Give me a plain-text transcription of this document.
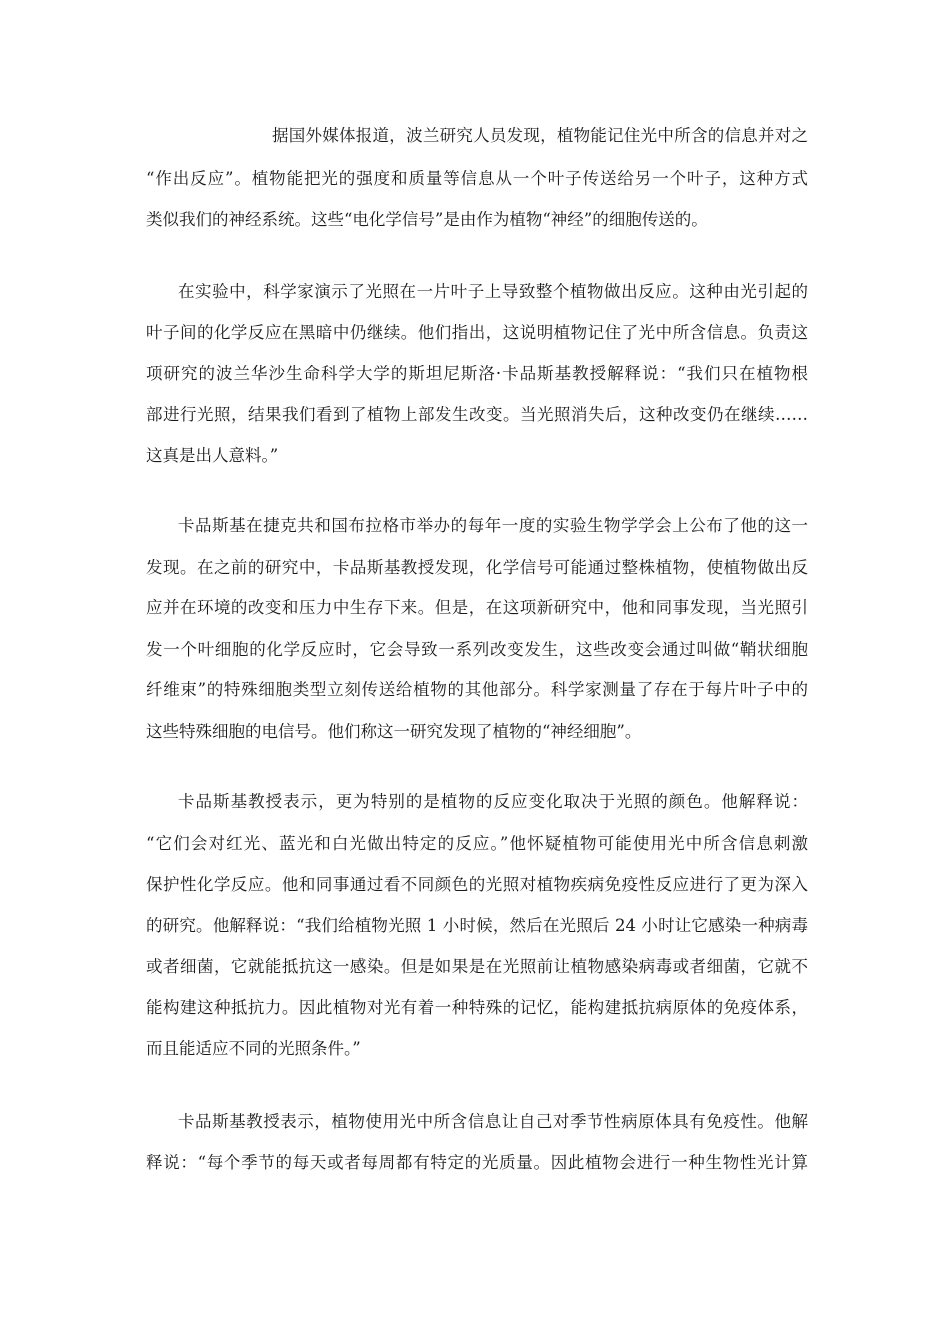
据国外媒体报道，波兰研究人员发现，植物能记住光中所含的信息并对之
“作出反应”。植物能把光的强度和质量等信息从一个叶子传送给另一个叶子，这种方式
类似我们的神经系统。这些“电化学信号”是由作为植物“神经”的细胞传送的。
在实验中，科学家演示了光照在一片叶子上导致整个植物做出反应。这种由光引起的
叶子间的化学反应在黑暗中仍继续。他们指出，这说明植物记住了光中所含信息。负责这
项研究的波兰华沙生命科学大学的斯坦尼斯洛·卡品斯基教授解释说：“我们只在植物根
部进行光照，结果我们看到了植物上部发生改变。当光照消失后，这种改变仍在继续……
这真是出人意料。”
卡品斯基在捷克共和国布拉格市举办的每年一度的实验生物学学会上公布了他的这一
发现。在之前的研究中，卡品斯基教授发现，化学信号可能通过整株植物，使植物做出反
应并在环境的改变和压力中生存下来。但是，在这项新研究中，他和同事发现，当光照引
发一个叶细胞的化学反应时，它会导致一系列改变发生，这些改变会通过叫做“鞘状细胞
纤维束”的特殊细胞类型立刻传送给植物的其他部分。科学家测量了存在于每片叶子中的
这些特殊细胞的电信号。他们称这一研究发现了植物的“神经细胞”。
卡品斯基教授表示，更为特别的是植物的反应变化取决于光照的颜色。他解释说：
“它们会对红光、蓝光和白光做出特定的反应。”他怀疑植物可能使用光中所含信息刺激
保护性化学反应。他和同事通过看不同颜色的光照对植物疾病免疫性反应进行了更为深入
的研究。他解释说：“我们给植物光照 1 小时候，然后在光照后 24 小时让它感染一种病毒
或者细菌，它就能抵抗这一感染。但是如果是在光照前让植物感染病毒或者细菌，它就不
能构建这种抵抗力。因此植物对光有着一种特殊的记忆，能构建抵抗病原体的免疫体系，
而且能适应不同的光照条件。”
卡品斯基教授表示，植物使用光中所含信息让自己对季节性病原体具有免疫性。他解
释说：“每个季节的每天或者每周都有特定的光质量。因此植物会进行一种生物性光计算
